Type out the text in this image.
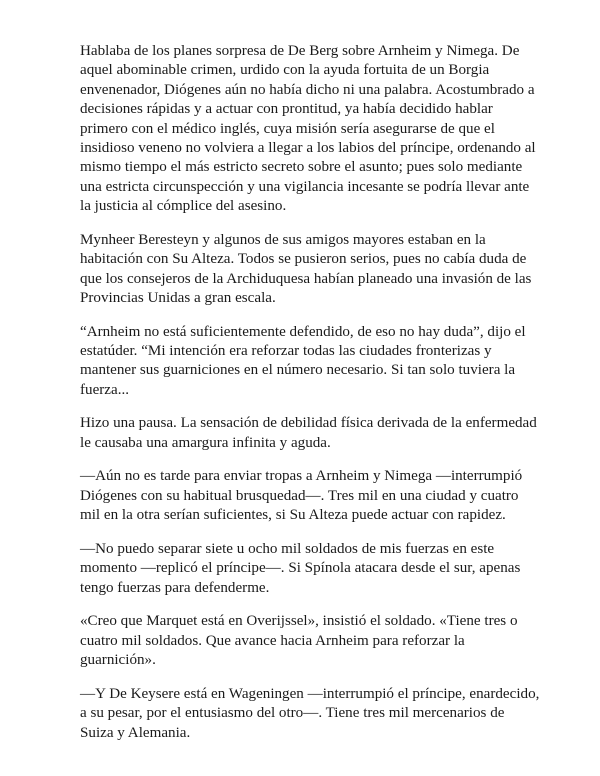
Hablaba de los planes sorpresa de De Berg sobre Arnheim y Nimega. De
aquel abominable crimen, urdido con la ayuda fortuita de un Borgia
envenenador, Diógenes aún no había dicho ni una palabra. Acostumbrado a
decisiones rápidas y a actuar con prontitud, ya había decidido hablar
primero con el médico inglés, cuya misión sería asegurarse de que el
insidioso veneno no volviera a llegar a los labios del príncipe, ordenando al
mismo tiempo el más estricto secreto sobre el asunto; pues solo mediante
una estricta circunspección y una vigilancia incesante se podría llevar ante
la justicia al cómplice del asesino.

Mynheer Beresteyn y algunos de sus amigos mayores estaban en la
habitación con Su Alteza. Todos se pusieron serios, pues no cabía duda de
que los consejeros de la Archiduquesa habían planeado una invasión de las
Provincias Unidas a gran escala.

“Arnheim no está suficientemente defendido, de eso no hay duda”, dijo el
estatúder. “Mi intención era reforzar todas las ciudades fronterizas y
mantener sus guarniciones en el número necesario. Si tan solo tuviera la
fuerza...

Hizo una pausa. La sensación de debilidad física derivada de la enfermedad
le causaba una amargura infinita y aguda.

—Aún no es tarde para enviar tropas a Arnheim y Nimega —interrumpió
Diógenes con su habitual brusquedad—. Tres mil en una ciudad y cuatro
mil en la otra serían suficientes, si Su Alteza puede actuar con rapidez.

—No puedo separar siete u ocho mil soldados de mis fuerzas en este
momento —replicó el príncipe—. Si Spínola atacara desde el sur, apenas
tengo fuerzas para defenderme.

«Creo que Marquet está en Overijssel», insistió el soldado. «Tiene tres o
cuatro mil soldados. Que avance hacia Arnheim para reforzar la
guarnición».

—Y De Keysere está en Wageningen —interrumpió el príncipe, enardecido,
a su pesar, por el entusiasmo del otro—. Tiene tres mil mercenarios de
Suiza y Alemania.
